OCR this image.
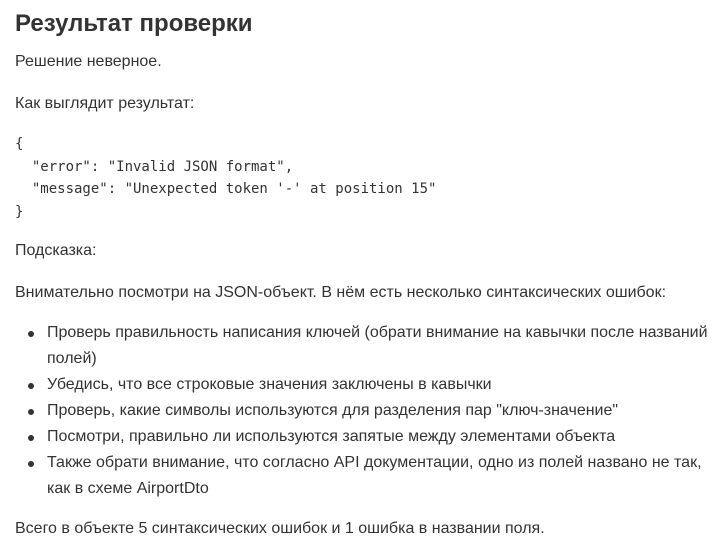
Результат проверки

Решение неверное.

Как выглядит результат:

{
"error": "Invalid JSON format",
"message": "Unexpected token '-' at position 15"
}

Подсказка:

Внимательно посмотри на JSON-объект. В нём есть несколько синтаксических ошибок:

Проверь правильность написания ключей (обрати внимание на кавычки после названий полей)
Убедись, что все строковые значения заключены в кавычки
Проверь, какие символы используются для разделения пар "ключ-значение"
Посмотри, правильно ли используются запятые между элементами объекта
Также обрати внимание, что согласно API документации, одно из полей названо не так, как в схеме AirportDto

Всего в объекте 5 синтаксических ошибок и 1 ошибка в названии поля.
